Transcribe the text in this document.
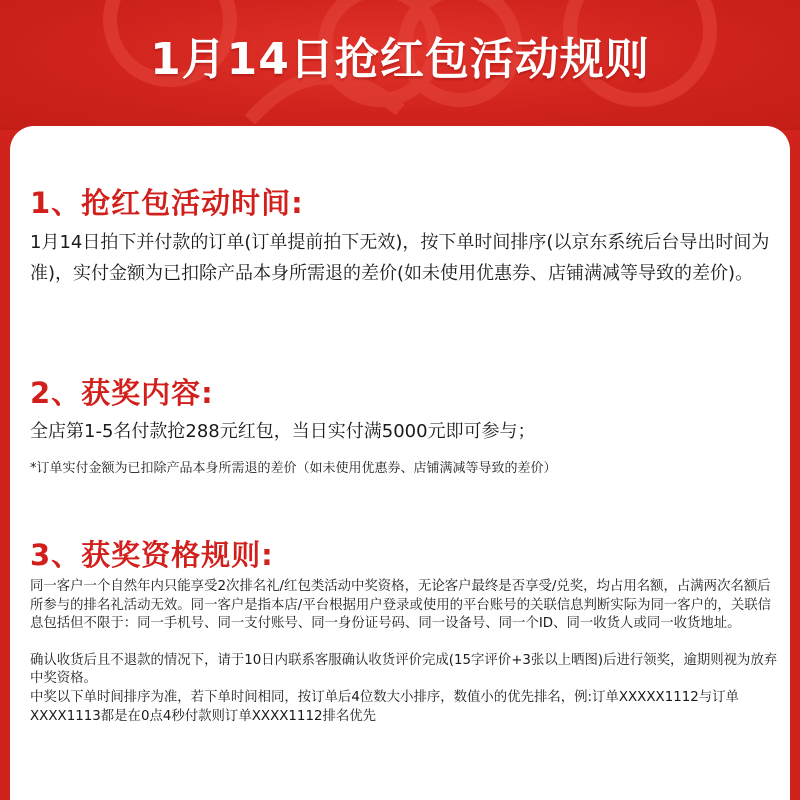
1月14日抢红包活动规则
1、抢红包活动时间:
1月14日拍下并付款的订单(订单提前拍下无效)，按下单时间排序(以京东系统后台导出时间为准)，实付金额为已扣除产品本身所需退的差价(如未使用优惠券、店铺满减等导致的差价)。
2、获奖内容:
全店第1-5名付款抢288元红包，当日实付满5000元即可参与；
*订单实付金额为已扣除产品本身所需退的差价（如未使用优惠券、店铺满减等导致的差价）
3、获奖资格规则:

同一客户一个自然年内只能享受2次排名礼/红包类活动中奖资格，无论客户最终是否享受/兑奖，均占用名额，占满两次名额后所参与的排名礼活动无效。同一客户是指本店/平台根据用户登录或使用的平台账号的关联信息判断实际为同一客户的，关联信息包括但不限于：同一手机号、同一支付账号、同一身份证号码、同一设备号、同一个ID、同一收货人或同一收货地址。

确认收货后且不退款的情况下，请于10日内联系客服确认收货评价完成(15字评价+3张以上晒图)后进行领奖，逾期则视为放弃中奖资格。

中奖以下单时间排序为准，若下单时间相同，按订单后4位数大小排序，数值小的优先排名，例:订单XXXXX1112与订单XXXX1113都是在0点4秒付款则订单XXXX1112排名优先
